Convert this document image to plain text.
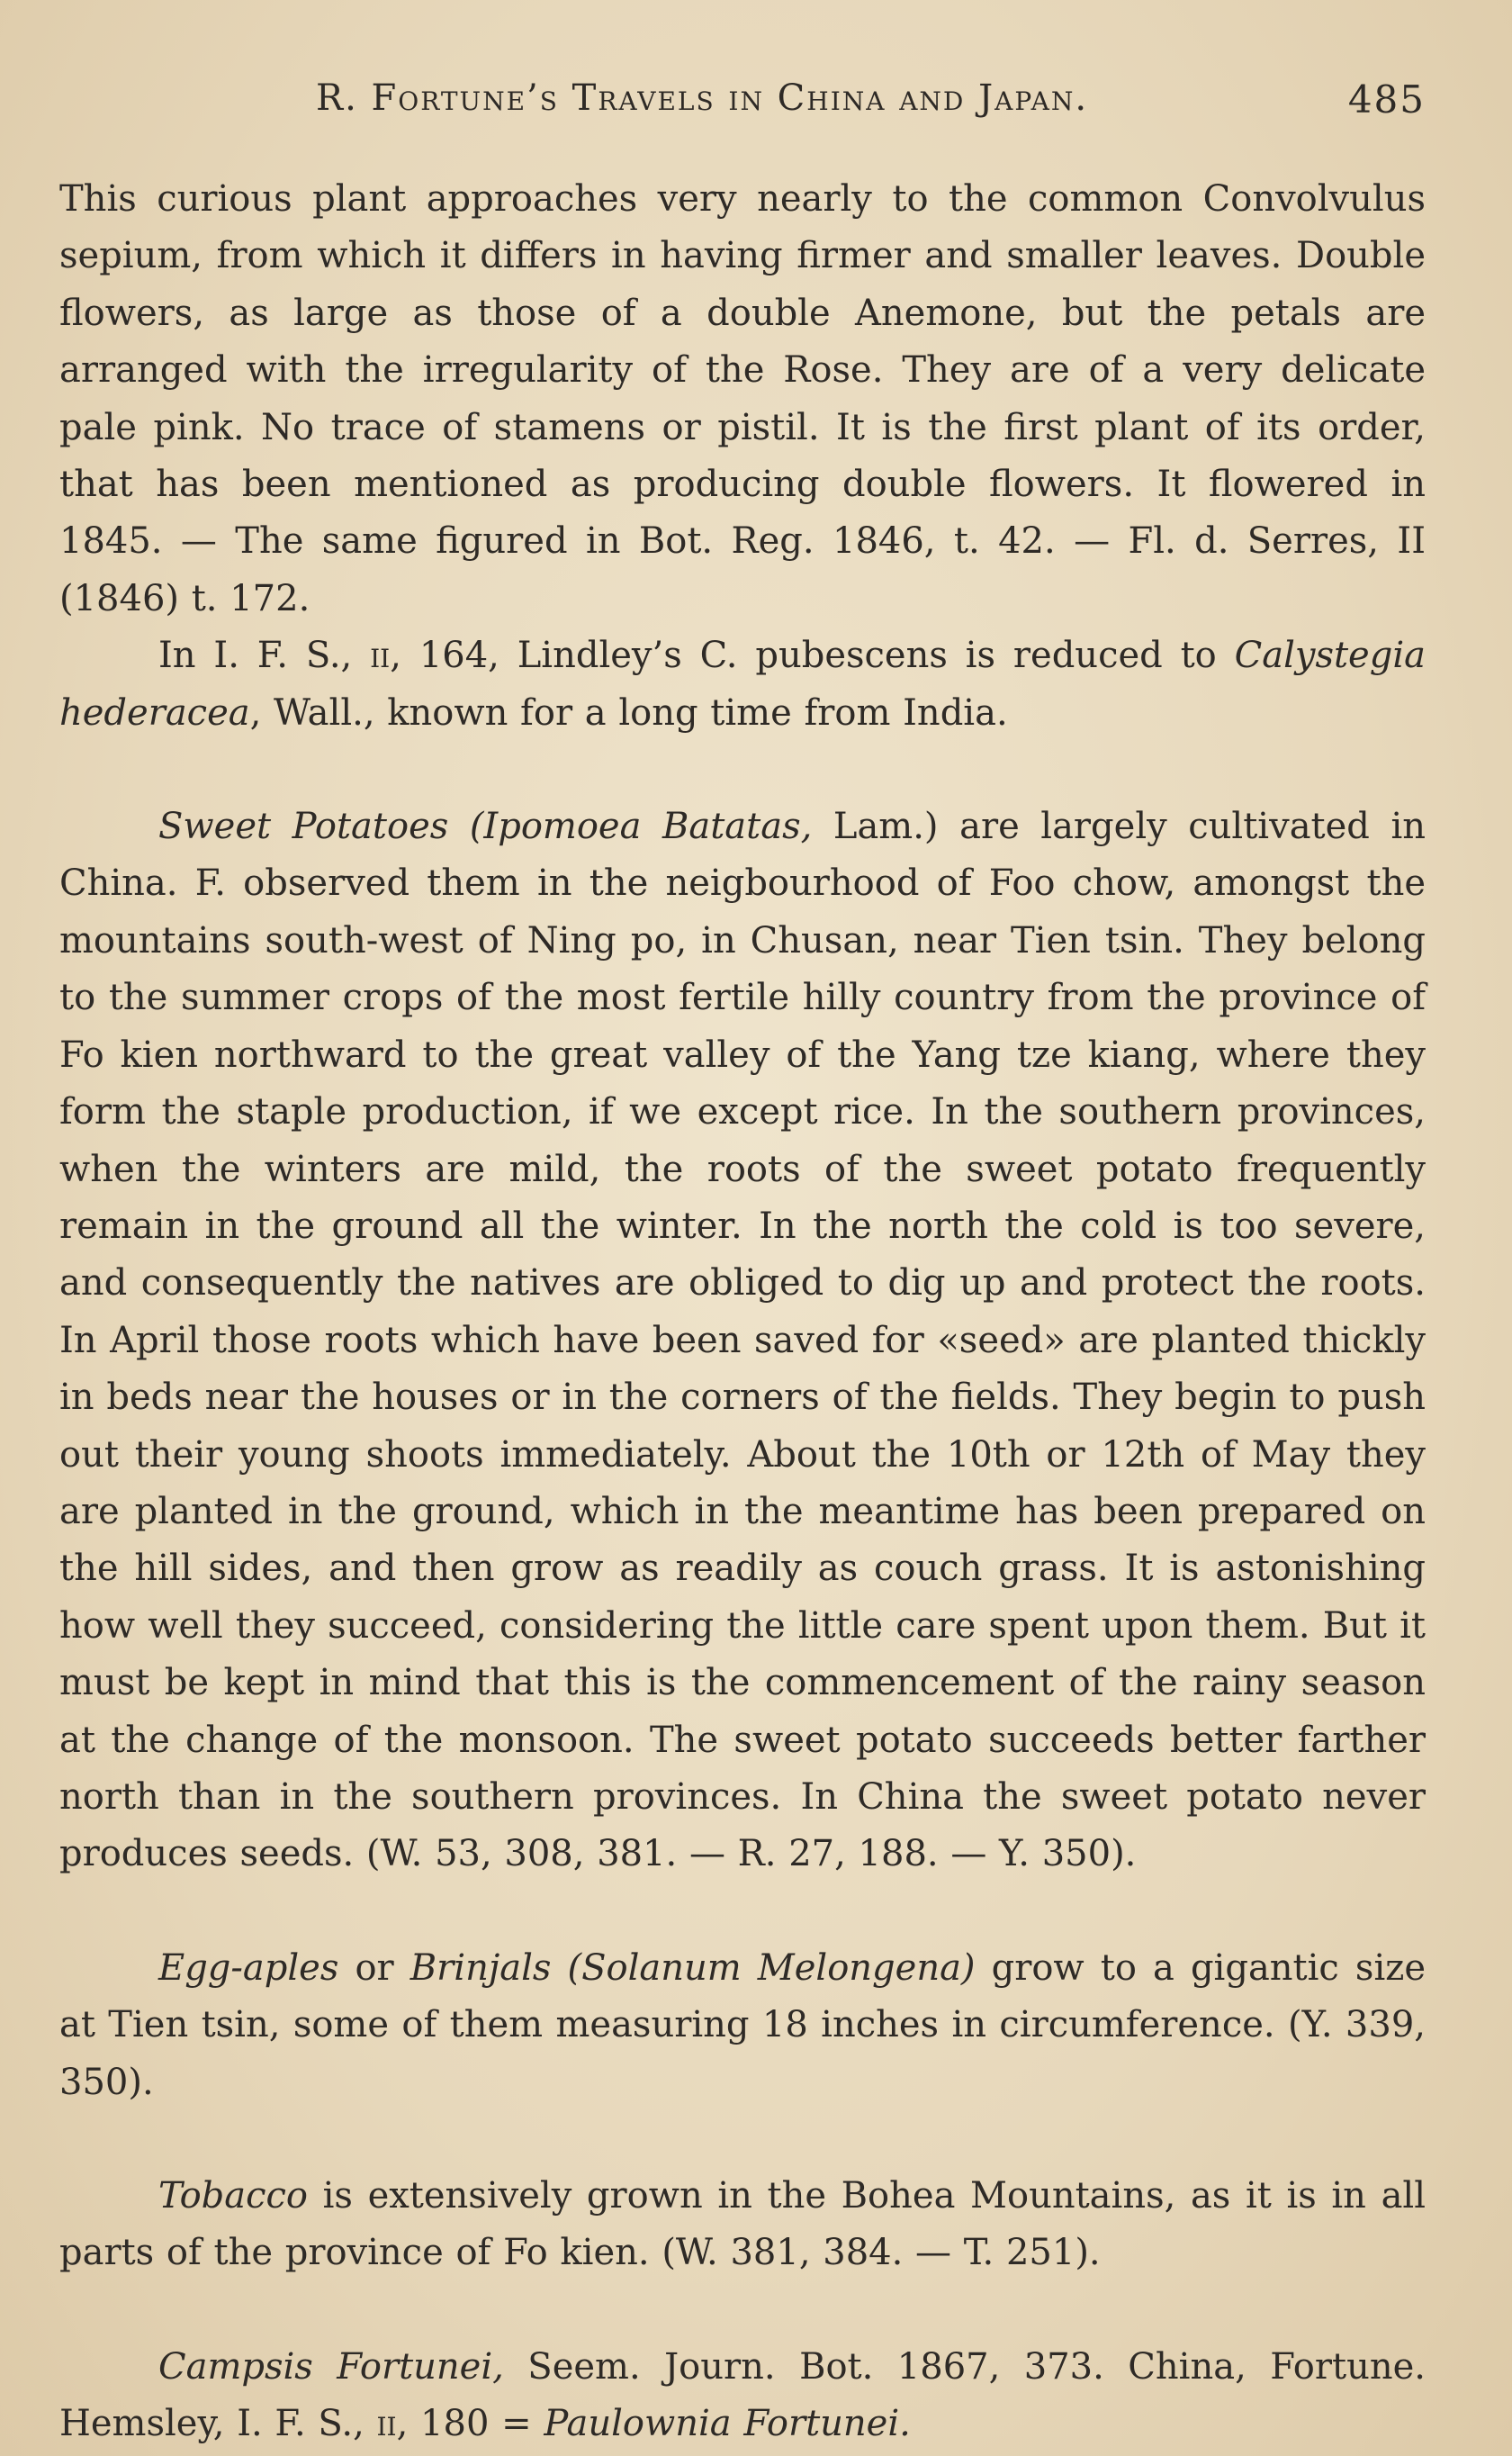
R. Fortune’s Travels in China and Japan.	485

This curious plant approaches very nearly to the common Convolvulus sepium, from which it differs in having firmer and smaller leaves. Double flowers, as large as those of a double Anemone, but the petals are arranged with the irregularity of the Rose. They are of a very delicate pale pink. No trace of stamens or pistil. It is the first plant of its order, that has been mentioned as producing double flowers. It flowered in 1845. — The same figured in Bot. Reg. 1846, t. 42. — Fl. d. Serres, II (1846) t. 172.

In I. F. S., ii, 164, Lindley’s C. pubescens is reduced to Calystegia hederacea, Wall., known for a long time from India.

Sweet Potatoes (Ipomoea Batatas, Lam.) are largely cultivated in China. F. observed them in the neigbourhood of Foo chow, amongst the mountains south-west of Ning po, in Chusan, near Tien tsin. They belong to the summer crops of the most fertile hilly country from the province of Fo kien northward to the great valley of the Yang tze kiang, where they form the staple production, if we except rice. In the southern provinces, when the winters are mild, the roots of the sweet potato frequently remain in the ground all the winter. In the north the cold is too severe, and consequently the natives are obliged to dig up and protect the roots. In April those roots which have been saved for «seed» are planted thickly in beds near the houses or in the corners of the fields. They begin to push out their young shoots immediately. About the 10th or 12th of May they are planted in the ground, which in the meantime has been prepared on the hill sides, and then grow as readily as couch grass. It is astonishing how well they succeed, considering the little care spent upon them. But it must be kept in mind that this is the commencement of the rainy season at the change of the monsoon. The sweet potato succeeds better farther north than in the southern provinces. In China the sweet potato never produces seeds. (W. 53, 308, 381. — R. 27, 188. — Y. 350).

Egg-aples or Brinjals (Solanum Melongena) grow to a gigantic size at Tien tsin, some of them measuring 18 inches in circumference. (Y. 339, 350).

Tobacco is extensively grown in the Bohea Mountains, as it is in all parts of the province of Fo kien. (W. 381, 384. — T. 251).

Campsis Fortunei, Seem. Journ. Bot. 1867, 373. China, Fortune. Hemsley, I. F. S., ii, 180 = Paulownia Fortunei.
